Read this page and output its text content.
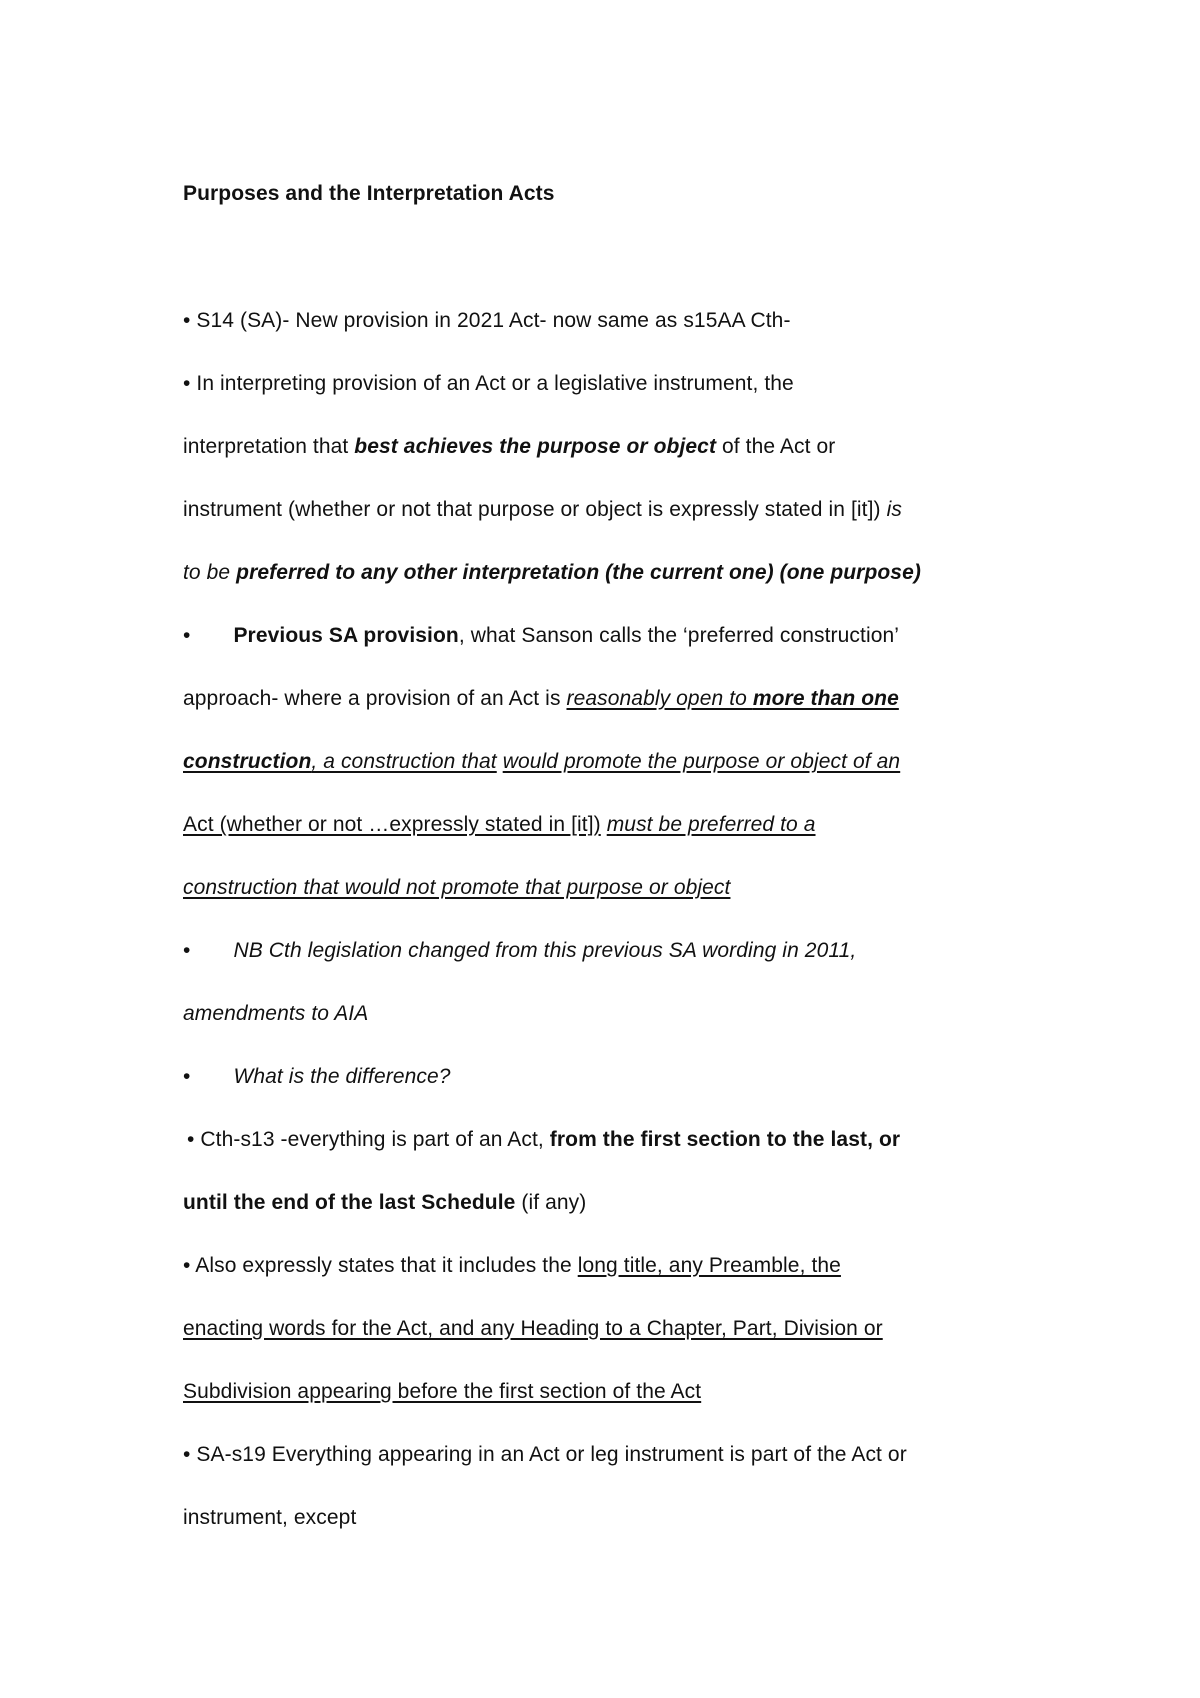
Purposes and the Interpretation Acts
• S14 (SA)- New provision in 2021 Act- now same as s15AA Cth-
• In interpreting provision of an Act or a legislative instrument, the
interpretation that best achieves the purpose or object of the Act or
instrument (whether or not that purpose or object is expressly stated in [it]) is
to be preferred to any other interpretation (the current one) (one purpose)
• Previous SA provision, what Sanson calls the ‘preferred construction’
approach- where a provision of an Act is reasonably open to more than one
construction, a construction that would promote the purpose or object of an
Act (whether or not …expressly stated in [it]) must be preferred to a
construction that would not promote that purpose or object
• NB Cth legislation changed from this previous SA wording in 2011,
amendments to AIA
• What is the difference?
• Cth-s13 -everything is part of an Act, from the first section to the last, or
until the end of the last Schedule (if any)
• Also expressly states that it includes the long title, any Preamble, the
enacting words for the Act, and any Heading to a Chapter, Part, Division or
Subdivision appearing before the first section of the Act
• SA-s19 Everything appearing in an Act or leg instrument is part of the Act or
instrument, except
